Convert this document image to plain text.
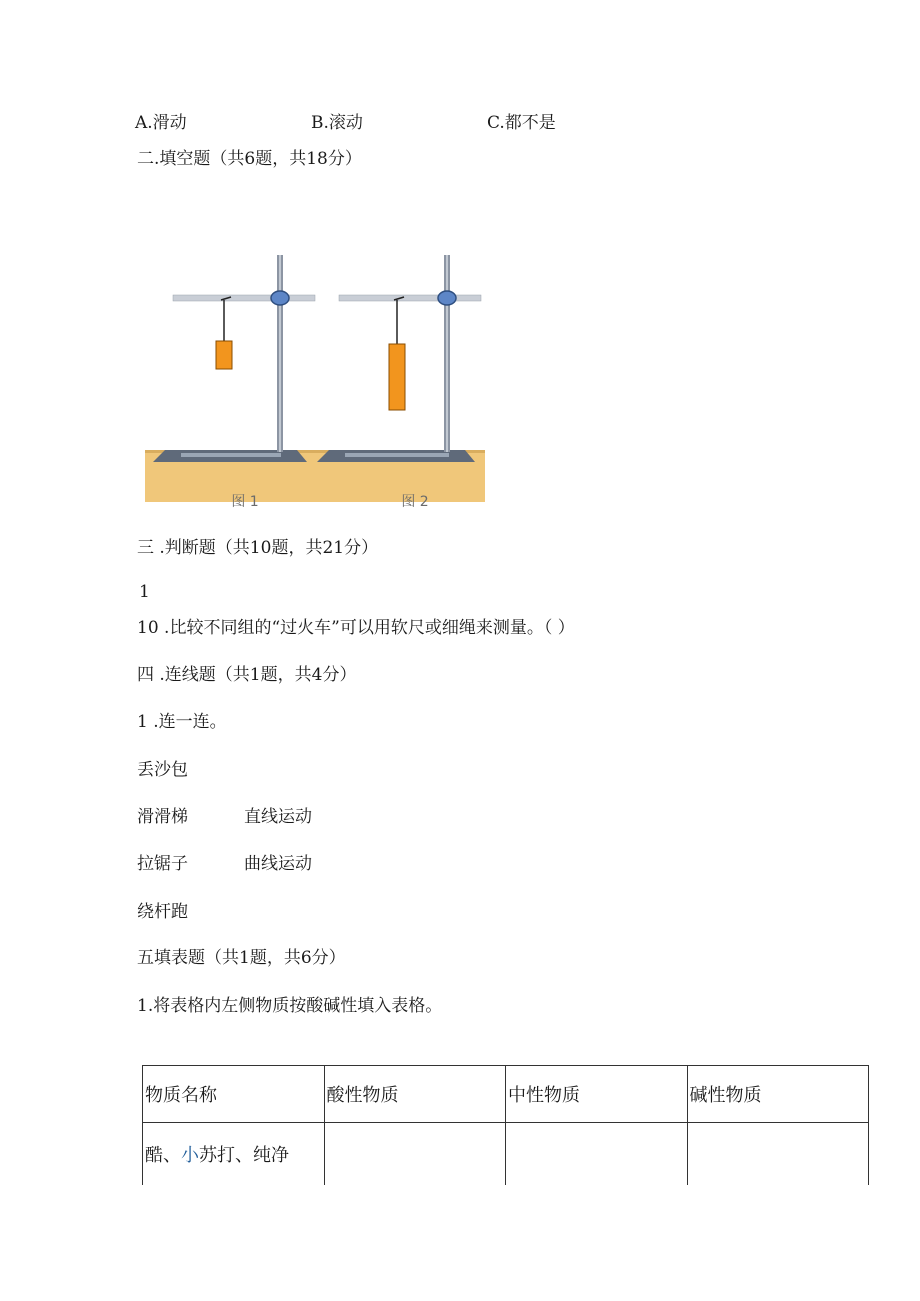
A.滑动	B.滚动	C.都不是
二.填空题（共6题，共18分）
图 1	图 2
三 .判断题（共10题，共21分）
1
10 .比较不同组的“过火车”可以用软尺或细绳来测量。（ ）
四 .连线题（共1题，共4分）
1 .连一连。
丢沙包
滑滑梯	直线运动
拉锯子	曲线运动
绕杆跑
五填表题（共1题，共6分）
1.将表格内左侧物质按酸碱性填入表格。
物质名称	酸性物质	中性物质	碱性物质
酷、小苏打、纯净			
